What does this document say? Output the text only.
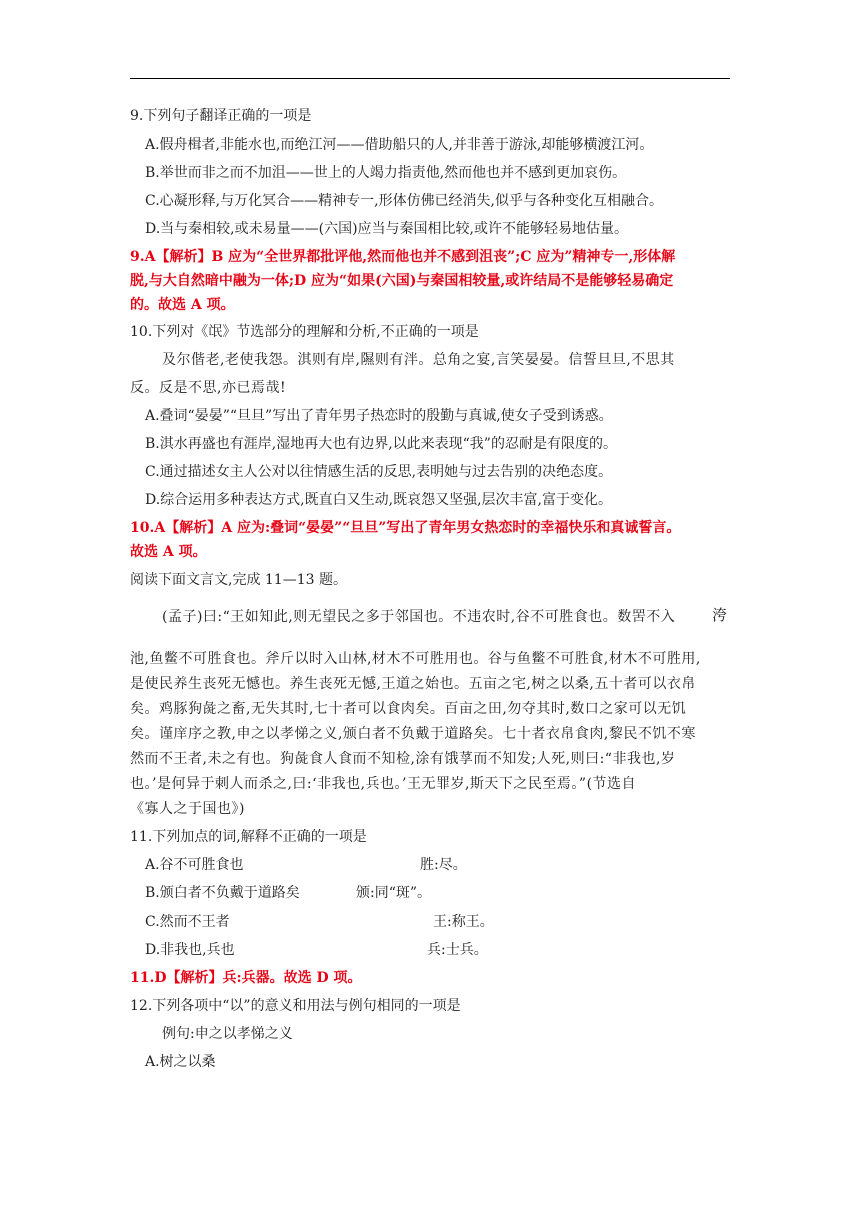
9.下列句子翻译正确的一项是
A.假舟楫者,非能水也,而绝江河——借助船只的人,并非善于游泳,却能够横渡江河。
B.举世而非之而不加沮——世上的人竭力指责他,然而他也并不感到更加哀伤。
C.心凝形释,与万化冥合——精神专一,形体仿佛已经消失,似乎与各种变化互相融合。
D.当与秦相较,或未易量——(六国)应当与秦国相比较,或许不能够轻易地估量。
9.A【解析】B 应为“全世界都批评他,然而他也并不感到沮丧”;C 应为”精神专一,形体解
脱,与大自然暗中融为一体;D 应为“如果(六国)与秦国相较量,或许结局不是能够轻易确定
的。故选 A 项。
10.下列对《氓》节选部分的理解和分析,不正确的一项是
及尔偕老,老使我怨。淇则有岸,隰则有泮。总角之宴,言笑晏晏。信誓旦旦,不思其
反。反是不思,亦已焉哉!
A.叠词“晏晏”“旦旦”写出了青年男子热恋时的殷勤与真诚,使女子受到诱惑。
B.淇水再盛也有涯岸,湿地再大也有边界,以此来表现“我”的忍耐是有限度的。
C.通过描述女主人公对以往情感生活的反思,表明她与过去告别的决绝态度。
D.综合运用多种表达方式,既直白又生动,既哀怨又坚强,层次丰富,富于变化。
10.A【解析】A 应为:叠词“晏晏”“旦旦”写出了青年男女热恋时的幸福快乐和真诚誓言。
故选 A 项。
阅读下面文言文,完成 11—13 题。
(孟子)曰:“王如知此,则无望民之多于邻国也。不违农时,谷不可胜食也。数罟不入 洿
池,鱼鳖不可胜食也。斧斤以时入山林,材木不可胜用也。谷与鱼鳖不可胜食,材木不可胜用,
是使民养生丧死无憾也。养生丧死无憾,王道之始也。五亩之宅,树之以桑,五十者可以衣帛
矣。鸡豚狗彘之畜,无失其时,七十者可以食肉矣。百亩之田,勿夺其时,数口之家可以无饥
矣。谨庠序之教,申之以孝悌之义,颁白者不负戴于道路矣。七十者衣帛食肉,黎民不饥不寒
然而不王者,未之有也。狗彘食人食而不知检,涂有饿莩而不知发;人死,则曰:“非我也,岁
也。’是何异于刺人而杀之,曰:‘非我也,兵也。’王无罪岁,斯天下之民至焉。”(节选自
《寡人之于国也》)
11.下列加点的词,解释不正确的一项是
A.谷不可胜食也	胜:尽。
B.颁白者不负戴于道路矣	颁:同“斑”。
C.然而不王者	王:称王。
D.非我也,兵也	兵:士兵。
11.D【解析】兵:兵器。故选 D 项。
12.下列各项中“以”的意义和用法与例句相同的一项是
例句:申之以孝悌之义
A.树之以桑
